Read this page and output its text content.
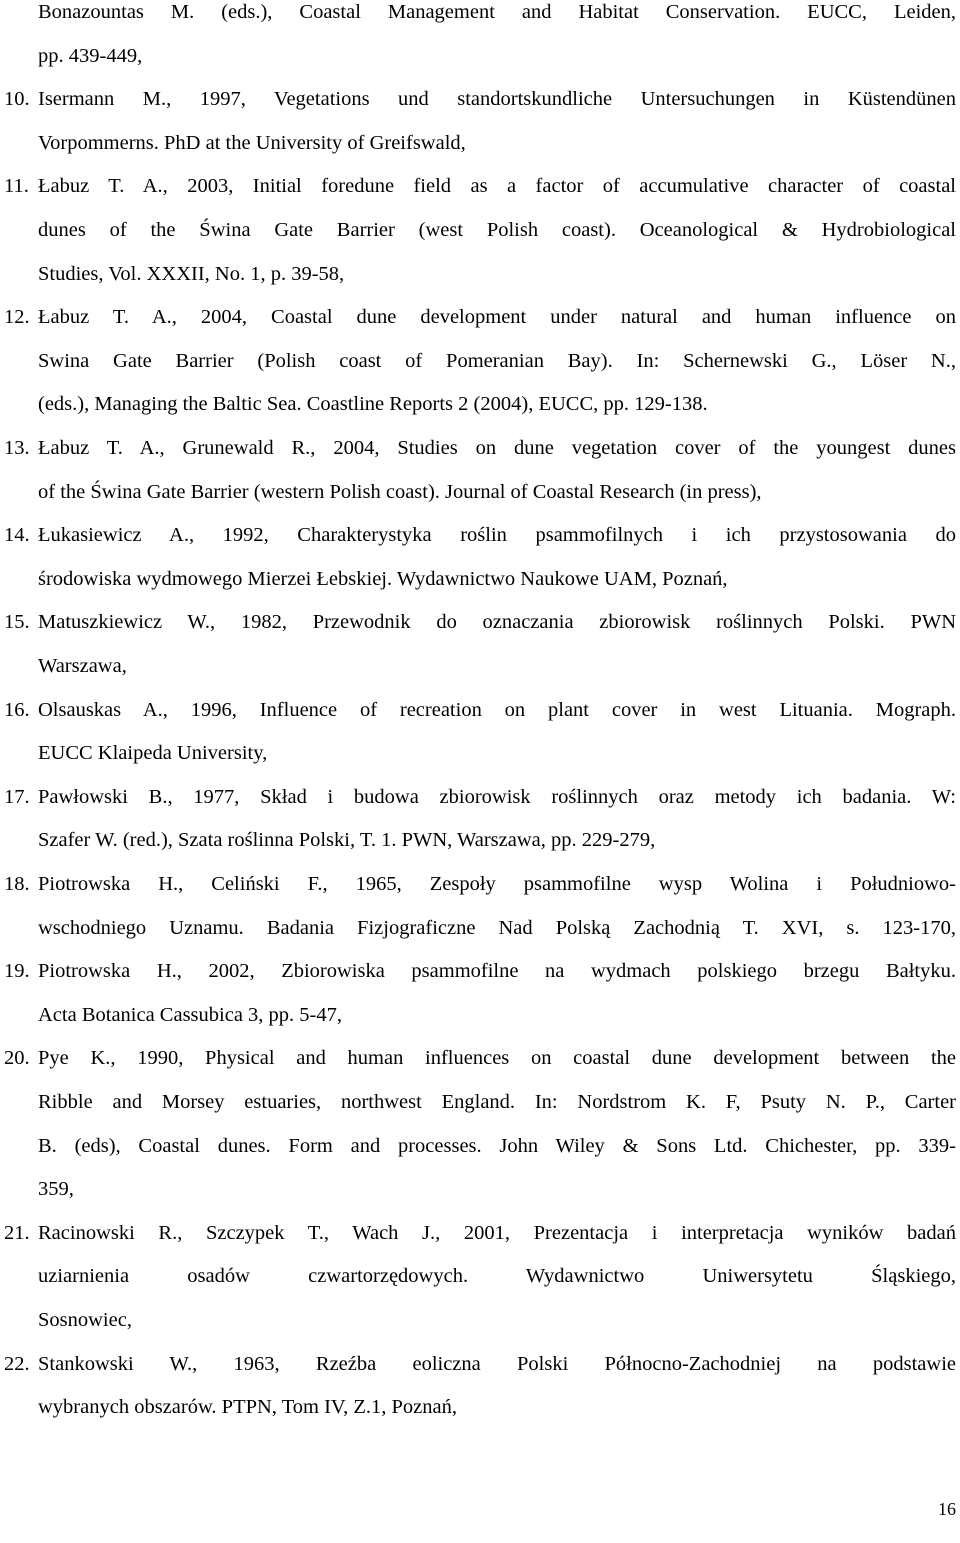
Bonazountas M. (eds.), Coastal Management and Habitat Conservation. EUCC, Leiden,
pp. 439-449,
10. Isermann M., 1997, Vegetations und standortskundliche Untersuchungen in Küstendünen
Vorpommerns. PhD at the University of Greifswald,
11. Łabuz T. A., 2003, Initial foredune field as a factor of accumulative character of coastal
dunes of the Świna Gate Barrier (west Polish coast). Oceanological & Hydrobiological
Studies, Vol. XXXII, No. 1, p. 39-58,
12. Łabuz T. A., 2004, Coastal dune development under natural and human influence on
Swina Gate Barrier (Polish coast of Pomeranian Bay). In: Schernewski G., Löser N.,
(eds.), Managing the Baltic Sea. Coastline Reports 2 (2004), EUCC, pp. 129-138.
13. Łabuz T. A., Grunewald R., 2004, Studies on dune vegetation cover of the youngest dunes
of the Świna Gate Barrier (western Polish coast). Journal of Coastal Research (in press),
14. Łukasiewicz A., 1992, Charakterystyka roślin psammofilnych i ich przystosowania do
środowiska wydmowego Mierzei Łebskiej. Wydawnictwo Naukowe UAM, Poznań,
15. Matuszkiewicz W., 1982, Przewodnik do oznaczania zbiorowisk roślinnych Polski. PWN
Warszawa,
16. Olsauskas A., 1996, Influence of recreation on plant cover in west Lituania. Mograph.
EUCC Klaipeda University,
17. Pawłowski B., 1977, Skład i budowa zbiorowisk roślinnych oraz metody ich badania. W:
Szafer W. (red.), Szata roślinna Polski, T. 1. PWN, Warszawa, pp. 229-279,
18. Piotrowska H., Celiński F., 1965, Zespoły psammofilne wysp Wolina i Południowo-
wschodniego Uznamu. Badania Fizjograficzne Nad Polską Zachodnią T. XVI, s. 123-170,
19. Piotrowska H., 2002, Zbiorowiska psammofilne na wydmach polskiego brzegu Bałtyku.
Acta Botanica Cassubica 3, pp. 5-47,
20. Pye K., 1990, Physical and human influences on coastal dune development between the
Ribble and Morsey estuaries, northwest England. In: Nordstrom K. F, Psuty N. P., Carter
B. (eds), Coastal dunes. Form and processes. John Wiley & Sons Ltd. Chichester, pp. 339-
359,
21. Racinowski R., Szczypek T., Wach J., 2001, Prezentacja i interpretacja wyników badań
uziarnienia osadów czwartorzędowych. Wydawnictwo Uniwersytetu Śląskiego,
Sosnowiec,
22. Stankowski W., 1963, Rzeźba eoliczna Polski Północno-Zachodniej na podstawie
wybranych obszarów. PTPN, Tom IV, Z.1, Poznań,
16
